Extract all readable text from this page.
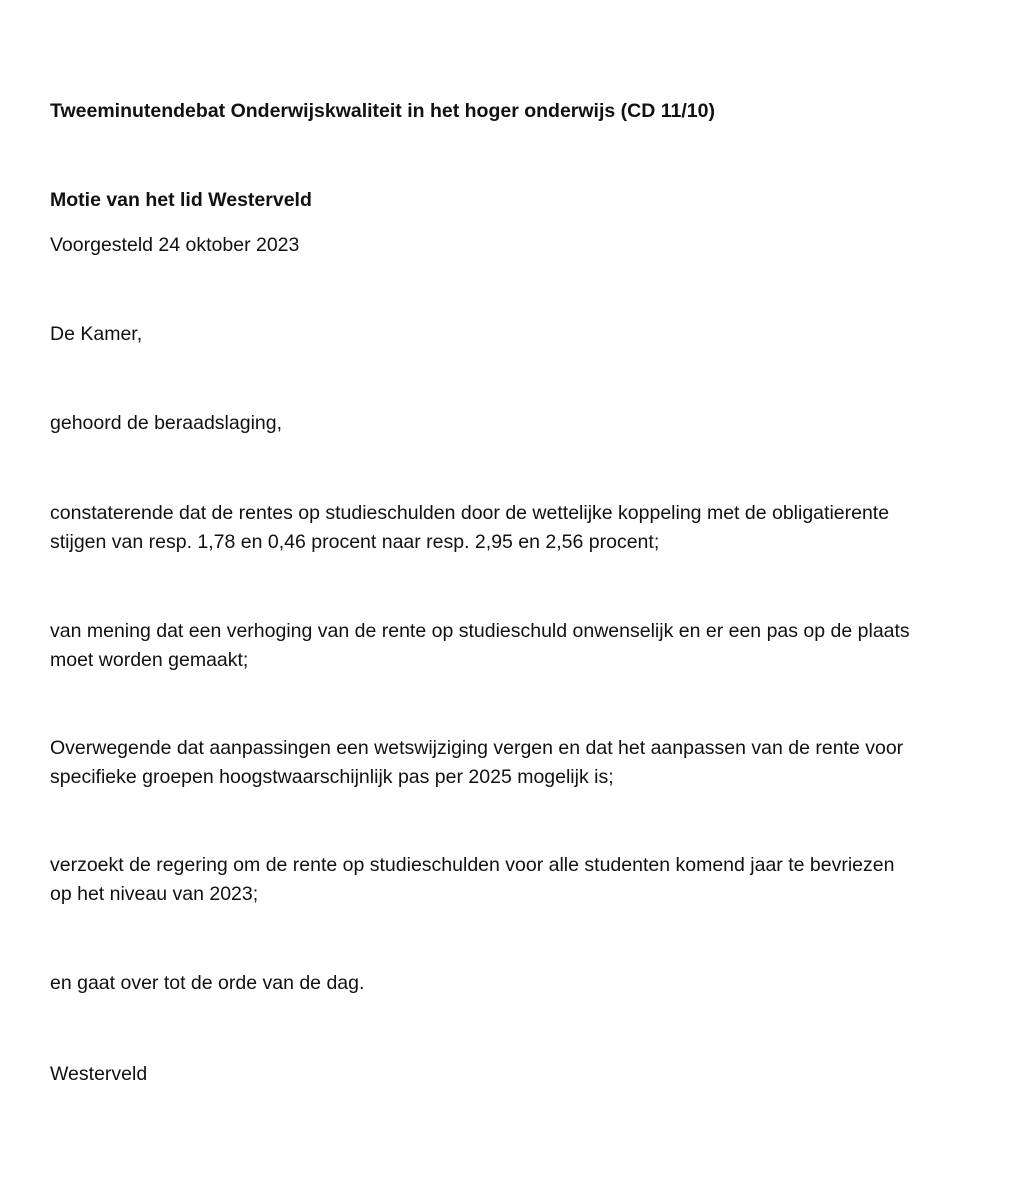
Tweeminutendebat Onderwijskwaliteit in het hoger onderwijs (CD 11/10)

Motie van het lid Westerveld

Voorgesteld 24 oktober 2023

De Kamer,

gehoord de beraadslaging,

constaterende dat de rentes op studieschulden door de wettelijke koppeling met de obligatierente
stijgen van resp. 1,78 en 0,46 procent naar resp. 2,95 en 2,56 procent;
van mening dat een verhoging van de rente op studieschuld onwenselijk en er een pas op de plaats
moet worden gemaakt;
Overwegende dat aanpassingen een wetswijziging vergen en dat het aanpassen van de rente voor
specifieke groepen hoogstwaarschijnlijk pas per 2025 mogelijk is;
verzoekt de regering om de rente op studieschulden voor alle studenten komend jaar te bevriezen
op het niveau van 2023;

en gaat over tot de orde van de dag.

Westerveld
